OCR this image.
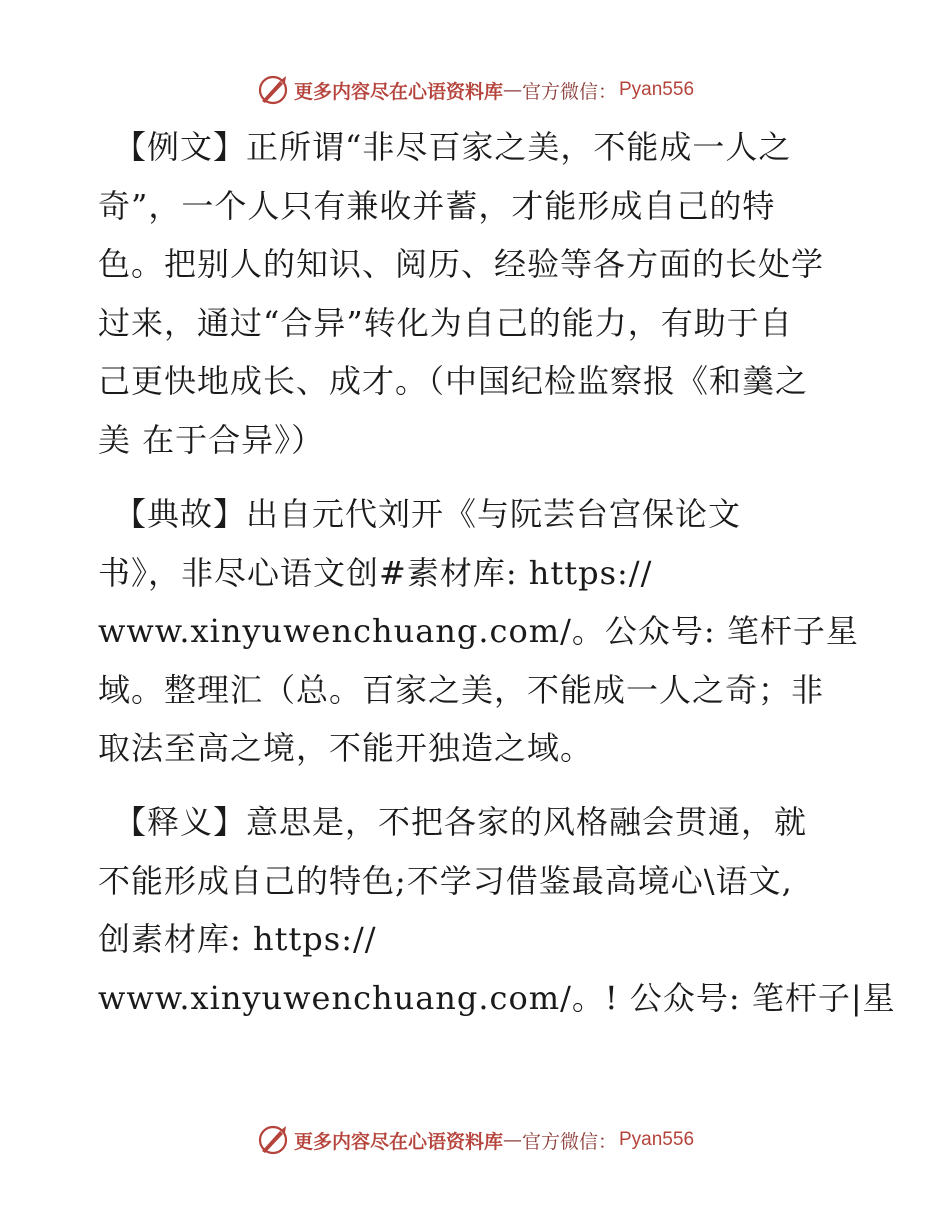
更多内容尽在心语资料库 — 官方微信： Pyan556
【例文】正所谓“非尽百家之美，不能成一人之
奇”，一个人只有兼收并蓄，才能形成自己的特
色。把别人的知识、阅历、经验等各方面的长处学
过来，通过“合异”转化为自己的能力，有助于自
己更快地成长、成才。（中国纪检监察报《和羹之
美 在于合异》）
【典故】出自元代刘开《与阮芸台宫保论文
书》，非尽心语文创#素材库: https://
www.xinyuwenchuang.com/。公众号: 笔杆子星
域。整理汇（总。百家之美，不能成一人之奇；非
取法至高之境，不能开独造之域。
【释义】意思是，不把各家的风格融会贯通，就
不能形成自己的特色;不学习借鉴最高境心\语文,
创素材库: https://
www.xinyuwenchuang.com/。! 公众号: 笔杆子|星
更多内容尽在心语资料库 — 官方微信： Pyan556
